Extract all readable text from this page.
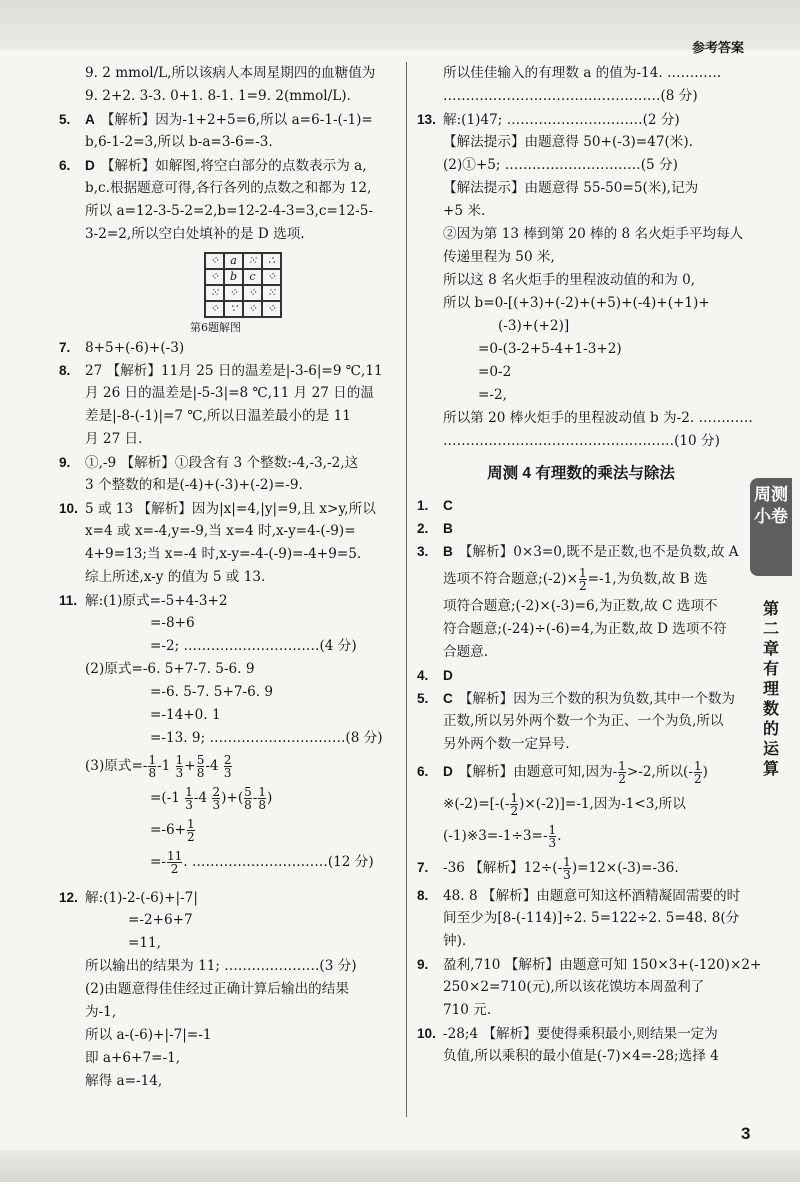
参考答案
9. 2 mmol/L,所以该病人本周星期四的血糖值为
9. 2+2. 3-3. 0+1. 8-1. 1=9. 2(mmol/L).
5. A 【解析】因为-1+2+5=6,所以 a=6-1-(-1)=
b,6-1-2=3,所以 b-a=3-6=-3.
6. D 【解析】如解图,将空白部分的点数表示为 a,
b,c.根据题意可得,各行各列的点数之和都为 12,
所以 a=12-3-5-2=2,b=12-2-4-3=3,c=12-5-
3-2=2,所以空白处填补的是 D 选项.
⁘	a	⁙ ∴
⁘ b	c	⁘
⁙ ⁘ ⁘ ⁙
⁘ ∵ ⁘ ⁘
第6题解图
7. 8+5+(-6)+(-3)
8. 27 【解析】11月 25 日的温差是|-3-6|=9 ℃,11
月 26 日的温差是|-5-3|=8 ℃,11 月 27 日的温
差是|-8-(-1)|=7 ℃,所以日温差最小的是 11
月 27 日.
9. ①,-9 【解析】①段含有 3 个整数:-4,-3,-2,这
3 个整数的和是(-4)+(-3)+(-2)=-9.
10. 5 或 13 【解析】因为|x|=4,|y|=9,且 x>y,所以
x=4 或 x=-4,y=-9,当 x=4 时,x-y=4-(-9)=
4+9=13;当 x=-4 时,x-y=-4-(-9)=-4+9=5.
综上所述,x-y 的值为 5 或 13.
11. 解:(1)原式=-5+4-3+2
=-8+6
=-2; …………………………(4 分)
(2)原式=-6. 5+7-7. 5-6. 9
=-6. 5-7. 5+7-6. 9
=-14+0. 1
=-13. 9; …………………………(8 分)
(3)原式=- $\frac{1}{8} -1 \frac{1}{3} + \frac{5}{8} -4 \frac{2}{3}$
$=(-1 \frac{1}{3} -4 \frac{2}{3}$ )+( $\frac{5}{8} - \frac{1}{8}$ )
$=-6+ \frac{1}{2}$
=- $\frac{11}{2}$ . …………………………(12 分)
12. 解:(1)-2-(-6)+|-7|
=-2+6+7
=11,
所以输出的结果为 11; …………………(3 分)
(2)由题意得佳佳经过正确计算后输出的结果
为-1,
所以 a-(-6)+|-7|=-1
即 a+6+7=-1,
解得 a=-14,
所以佳佳输入的有理数 a 的值为-14. …………
…………………………………………(8 分)
13. 解:(1)47; …………………………(2 分)
【解法提示】由题意得 50+(-3)=47(米).
(2)①+5; …………………………(5 分)
【解法提示】由题意得 55-50=5(米),记为
+5 米.
②因为第 13 棒到第 20 棒的 8 名火炬手平均每人
传递里程为 50 米,
所以这 8 名火炬手的里程波动值的和为 0,
所以 b=0-[(+3)+(-2)+(+5)+(-4)+(+1)+
(-3)+(+2)]
=0-(3-2+5-4+1-3+2)
=0-2
=-2,
所以第 20 棒火炬手的里程波动值 b 为-2. …………
……………………………………………(10 分)
周测 4 有理数的乘法与除法
1. C
2. B
3. B 【解析】0×3=0,既不是正数,也不是负数,故 A
选项不符合题意;(-2)× $\frac{1}{2} =-1$,为负数,故 B 选
项符合题意;(-2)×(-3)=6,为正数,故 C 选项不
符合题意;(-24)÷(-6)=4,为正数,故 D 选项不符
合题意.
4. D
5. C 【解析】因为三个数的积为负数,其中一个数为
正数,所以另外两个数一个为正、一个为负,所以
另外两个数一定异号.
6. D 【解析】由题意可知,因为- $\frac{1}{2} >-2$,所以(- $\frac{1}{2}$ )
※(-2)=[-(- $\frac{1}{2} )\times(-2)]=-1$,因为-1<3,所以
(-1)※3=-1÷3=- $\frac{1}{3}$ .
7. -36 【解析】$12\div(- \frac{1}{3} )=12\times(-3)=-36$.
8. 48. 8 【解析】由题意可知这杯酒精凝固需要的时
间至少为[8-(-114)]÷2. 5=122÷2. 5=48. 8(分
钟).
9. 盈利,710 【解析】由题意可知 150×3+(-120)×2+
250×2=710(元),所以该花馍坊本周盈利了
710 元.
10. -28;4 【解析】要使得乘积最小,则结果一定为
负值,所以乘积的最小值是(-7)×4=-28;选择 4
周测小卷
第二章 有理数的运算
3
